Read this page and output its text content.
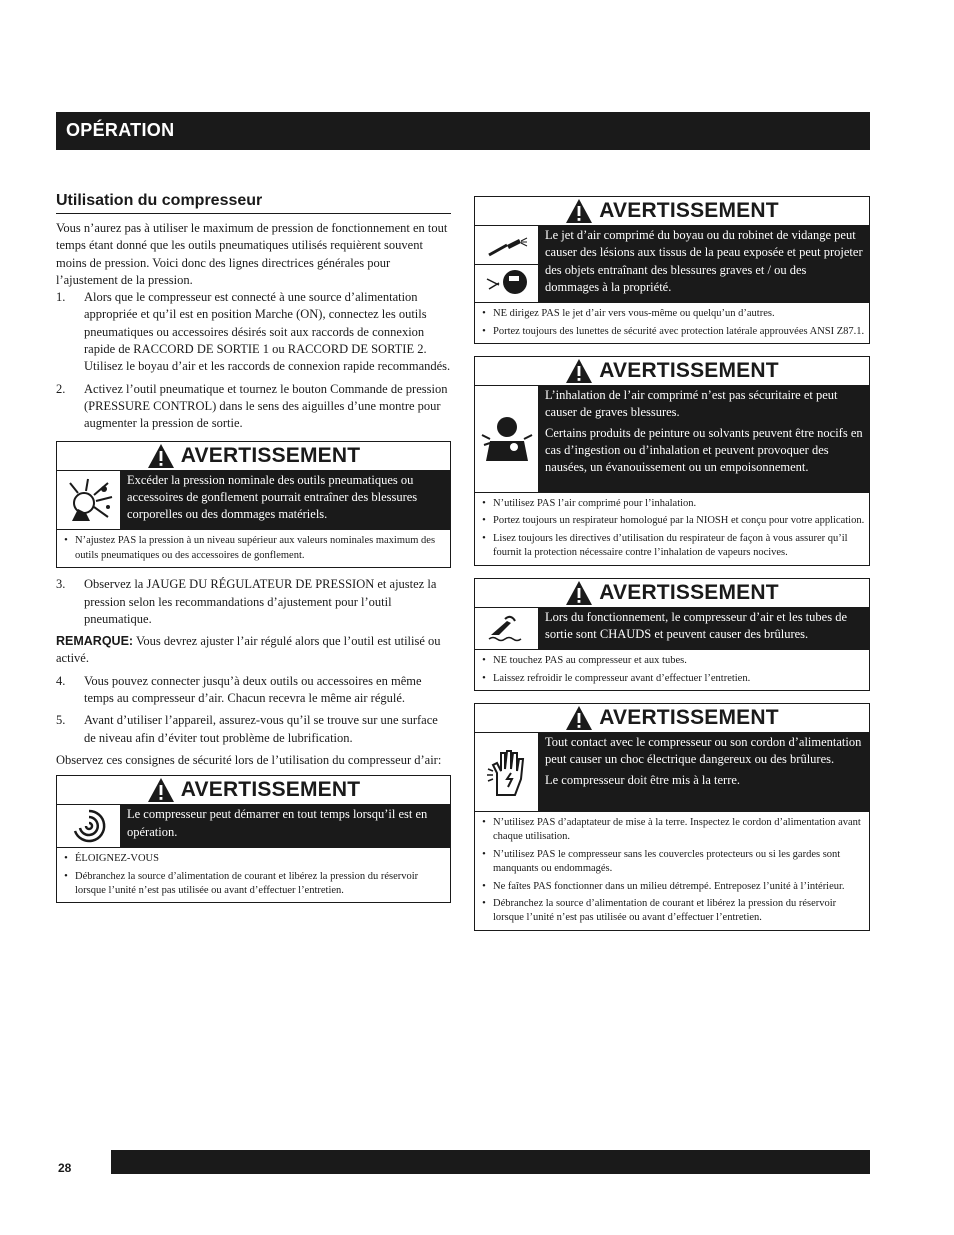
OPÉRATION
Utilisation du compresseur

Vous n’aurez pas à utiliser le maximum de pression de fonctionnement en tout temps étant donné que les outils pneumatiques utilisés requièrent souvent moins de pression. Voici donc des lignes directrices générales pour l’ajustement de la pression.

1.	Alors que le compresseur est connecté à une source d’alimentation appropriée et qu’il est en position Marche (ON), connectez les outils pneumatiques ou accessoires désirés soit aux raccords de connexion rapide de RACCORD DE SORTIE 1 ou RACCORD DE SORTIE 2. Utilisez le boyau d’air et les raccords de connexion rapide recommandés.
2.	Activez l’outil pneumatique et tournez le bouton Commande de pression (PRESSURE CONTROL) dans le sens des aiguilles d’une montre pour augmenter la pression de sortie.
AVERTISSEMENT

Excéder la pression nominale des outils pneumatiques ou accessoires de gonflement pourrait entraîner des blessures corporelles ou des dommages matériels.

• N’ajustez PAS la pression à un niveau supérieur aux valeurs nominales maximum des outils pneumatiques ou des accessoires de gonflement.
3.	Observez la JAUGE DU RÉGULATEUR DE PRESSION et ajustez la pression selon les recommandations d’ajustement pour l’outil pneumatique.

REMARQUE: Vous devrez ajuster l’air régulé alors que l’outil est utilisé ou activé.

4.	Vous pouvez connecter jusqu’à deux outils ou accessoires en même temps au compresseur d’air. Chacun recevra le même air régulé.
5.	Avant d’utiliser l’appareil, assurez-vous qu’il se trouve sur une surface de niveau afin d’éviter tout problème de lubrification.

Observez ces consignes de sécurité lors de l’utilisation du compresseur d’air:

AVERTISSEMENT

Le compresseur peut démarrer en tout temps lorsqu’il est en opération.

• ÉLOIGNEZ-VOUS
• Débranchez la source d’alimentation de courant et libérez la pression du réservoir lorsque l’unité n’est pas utilisée ou avant d’effectuer l’entretien.
AVERTISSEMENT

Le jet d’air comprimé du boyau ou du robinet de vidange peut causer des lésions aux tissus de la peau exposée et peut projeter des objets entraînant des blessures graves et / ou des dommages à la propriété.

• NE dirigez PAS le jet d’air vers vous-même ou quelqu’un d’autres.
• Portez toujours des lunettes de sécurité avec protection latérale approuvées ANSI Z87.1.
AVERTISSEMENT

L’inhalation de l’air comprimé n’est pas sécuritaire et peut causer de graves blessures.

Certains produits de peinture ou solvants peuvent être nocifs en cas d’ingestion ou d’inhalation et peuvent provoquer des nausées, un évanouissement ou un empoisonnement.

• N’utilisez PAS l’air comprimé pour l’inhalation.
• Portez toujours un respirateur homologué par la NIOSH et conçu pour votre application.
• Lisez toujours les directives d’utilisation du respirateur de façon à vous assurer qu’il fournit la protection nécessaire contre l’inhalation de vapeurs nocives.
AVERTISSEMENT

Lors du fonctionnement, le compresseur d’air et les tubes de sortie sont CHAUDS et peuvent causer des brûlures.

• NE touchez PAS au compresseur et aux tubes.
• Laissez refroidir le compresseur avant d’effectuer l’entretien.
AVERTISSEMENT

Tout contact avec le compresseur ou son cordon d’alimentation peut causer un choc électrique dangereux ou des brûlures.

Le compresseur doit être mis à la terre.

• N’utilisez PAS d’adaptateur de mise à la terre. Inspectez le cordon d’alimentation avant chaque utilisation.
• N’utilisez PAS le compresseur sans les couvercles protecteurs ou si les gardes sont manquants ou endommagés.
• Ne faîtes PAS fonctionner dans un milieu détrempé. Entreposez l’unité à l’intérieur.
• Débranchez la source d’alimentation de courant et libérez la pression du réservoir lorsque l’unité n’est pas utilisée ou avant d’effectuer l’entretien.
28
